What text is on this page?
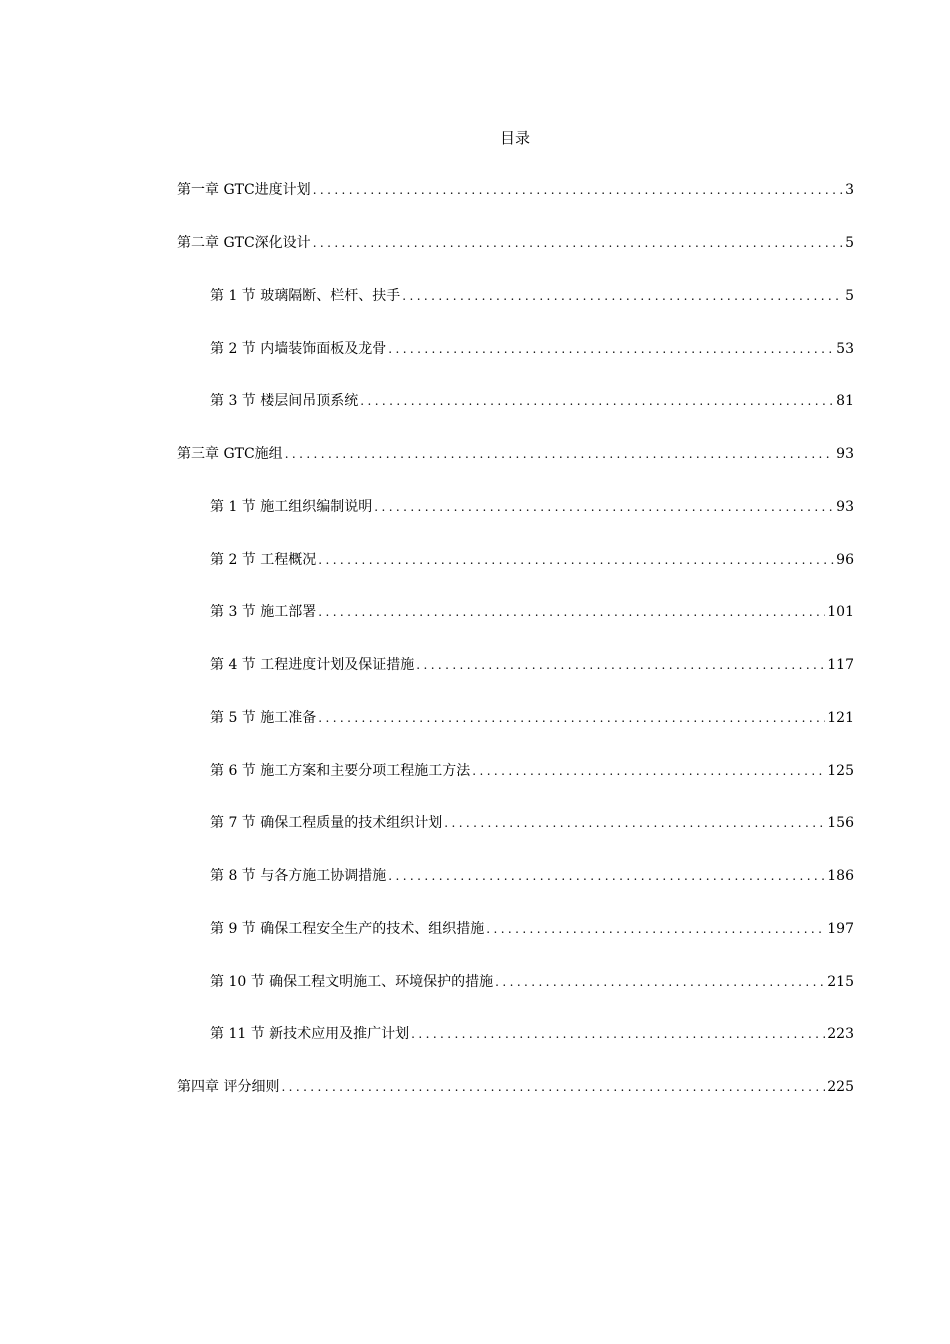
目录
第一章 GTC进度计划 .....	3
第二章 GTC深化设计 .....	5
第 1 节 玻璃隔断、栏杆、扶手 .....	5
第 2 节 内墙装饰面板及龙骨 .....	53
第 3 节 楼层间吊顶系统 .....	81
第三章 GTC施组 .....	93
第 1 节 施工组织编制说明 .....	93
第 2 节 工程概况 .....	96
第 3 节 施工部署 .....	101
第 4 节 工程进度计划及保证措施 .....	117
第 5 节 施工准备 .....	121
第 6 节 施工方案和主要分项工程施工方法 .....	125
第 7 节 确保工程质量的技术组织计划 .....	156
第 8 节 与各方施工协调措施 .....	186
第 9 节 确保工程安全生产的技术、组织措施 .....	197
第 10 节 确保工程文明施工、环境保护的措施 .....	215
第 11 节 新技术应用及推广计划 .....	223
第四章 评分细则 .....	225
